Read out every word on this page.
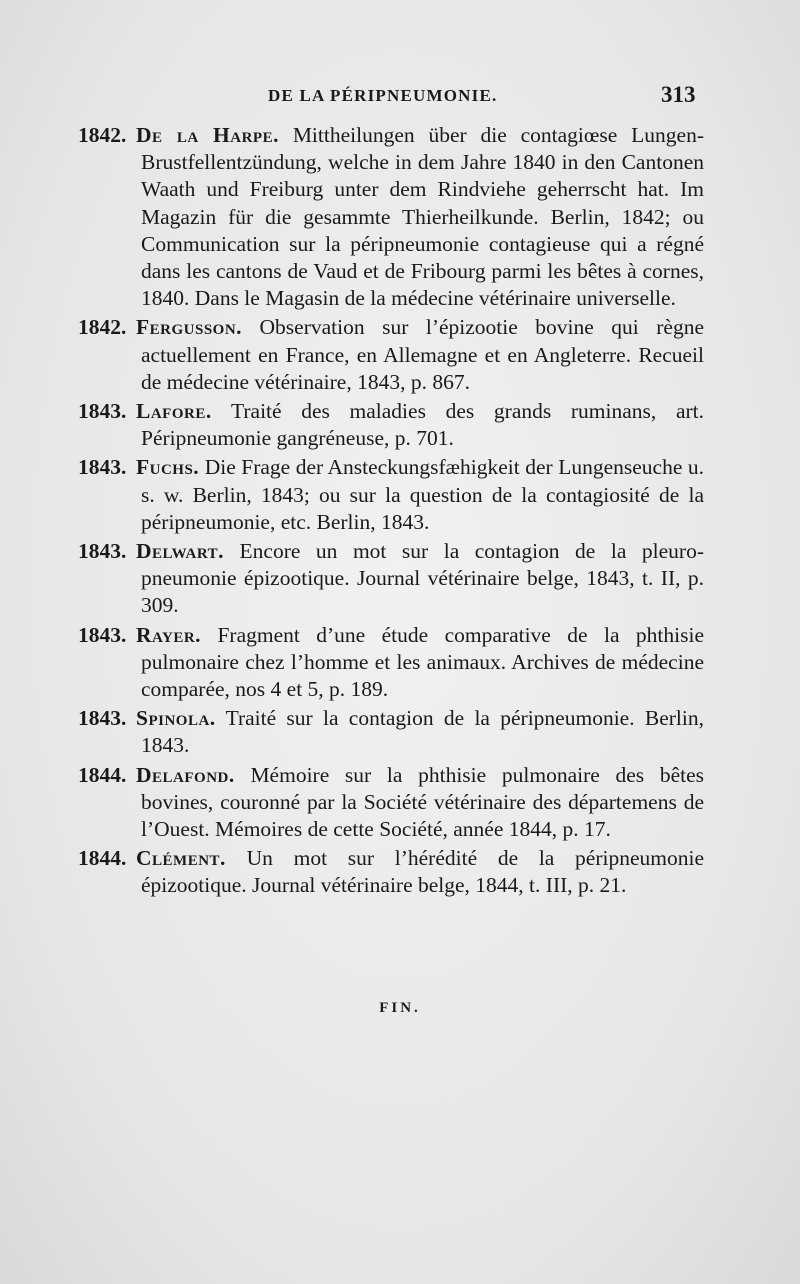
DE LA PÉRIPNEUMONIE.	313

1842. De la Harpe. Mittheilungen über die contagiœse Lungen-Brustfellentzündung, welche in dem Jahre 1840 in den Cantonen Waath und Freiburg unter dem Rindviehe geherrscht hat. Im Magazin für die gesammte Thierheilkunde. Berlin, 1842; ou Communication sur la péripneumonie contagieuse qui a régné dans les cantons de Vaud et de Fribourg parmi les bêtes à cornes, 1840. Dans le Magasin de la médecine vétérinaire universelle.

1842. Fergusson. Observation sur l’épizootie bovine qui règne actuellement en France, en Allemagne et en Angleterre. Recueil de médecine vétérinaire, 1843, p. 867.

1843. Lafore. Traité des maladies des grands ruminans, art. Péripneumonie gangréneuse, p. 701.

1843. Fuchs. Die Frage der Ansteckungsfæhigkeit der Lungenseuche u. s. w. Berlin, 1843; ou sur la question de la contagiosité de la péripneumonie, etc. Berlin, 1843.

1843. Delwart. Encore un mot sur la contagion de la pleuro-pneumonie épizootique. Journal vétérinaire belge, 1843, t. II, p. 309.

1843. Rayer. Fragment d’une étude comparative de la phthisie pulmonaire chez l’homme et les animaux. Archives de médecine comparée, nos 4 et 5, p. 189.

1843. Spinola. Traité sur la contagion de la péripneumonie. Berlin, 1843.

1844. Delafond. Mémoire sur la phthisie pulmonaire des bêtes bovines, couronné par la Société vétérinaire des départemens de l’Ouest. Mémoires de cette Société, année 1844, p. 17.

1844. Clément. Un mot sur l’hérédité de la péripneumonie épizootique. Journal vétérinaire belge, 1844, t. III, p. 21.

FIN.
